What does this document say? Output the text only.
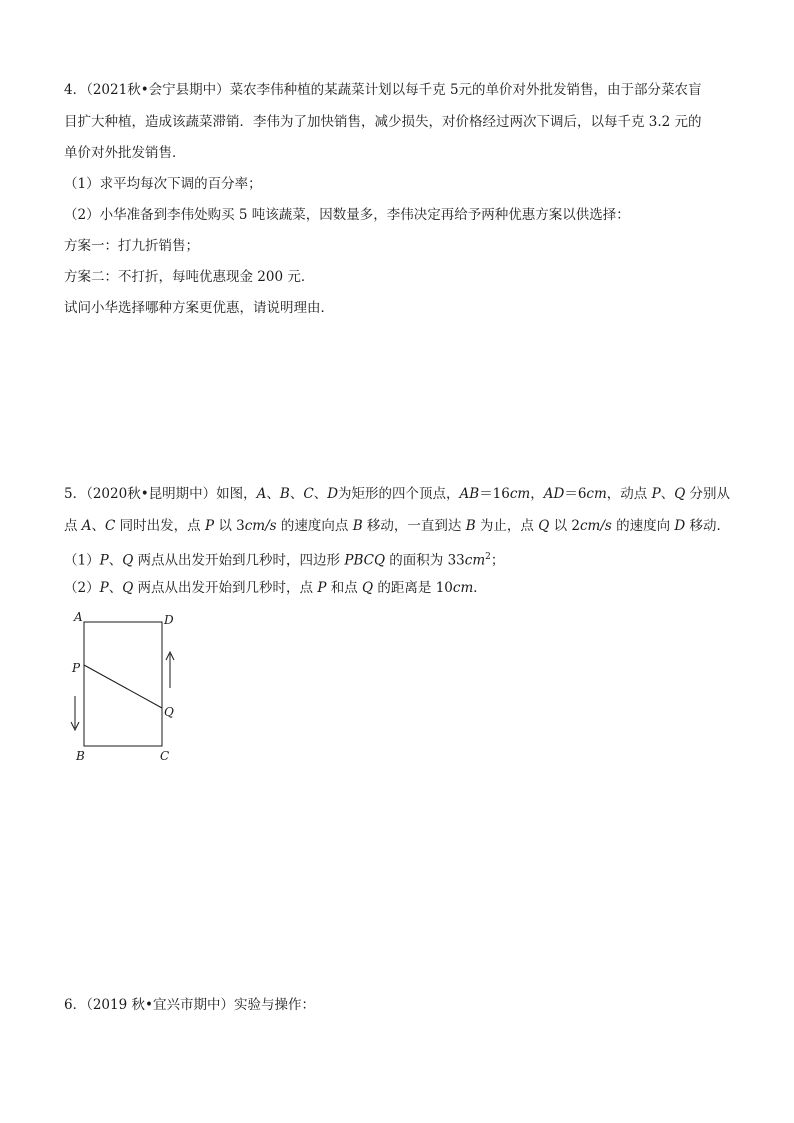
4．（2021秋•会宁县期中）菜农李伟种植的某蔬菜计划以每千克 5元的单价对外批发销售，由于部分菜农盲
目扩大种植，造成该蔬菜滞销．李伟为了加快销售，减少损失，对价格经过两次下调后，以每千克 3.2 元的
单价对外批发销售．
（1）求平均每次下调的百分率；
（2）小华准备到李伟处购买 5 吨该蔬菜，因数量多，李伟决定再给予两种优惠方案以供选择：
方案一：打九折销售；
方案二：不打折，每吨优惠现金 200 元．
试问小华选择哪种方案更优惠，请说明理由．
5．（2020秋•昆明期中）如图，A、B、C、D为矩形的四个顶点，AB＝16cm，AD＝6cm，动点 P、Q 分别从
点 A、C 同时出发，点 P 以 3cm/s 的速度向点 B 移动，一直到达 B 为止，点 Q 以 2cm/s 的速度向 D 移动．
（1）P、Q 两点从出发开始到几秒时，四边形 PBCQ 的面积为 $33cm^2$；
（2）P、Q 两点从出发开始到几秒时，点 P 和点 Q 的距离是 10cm．
A	D
P
Q
B	C
6．（2019 秋•宜兴市期中）实验与操作：
